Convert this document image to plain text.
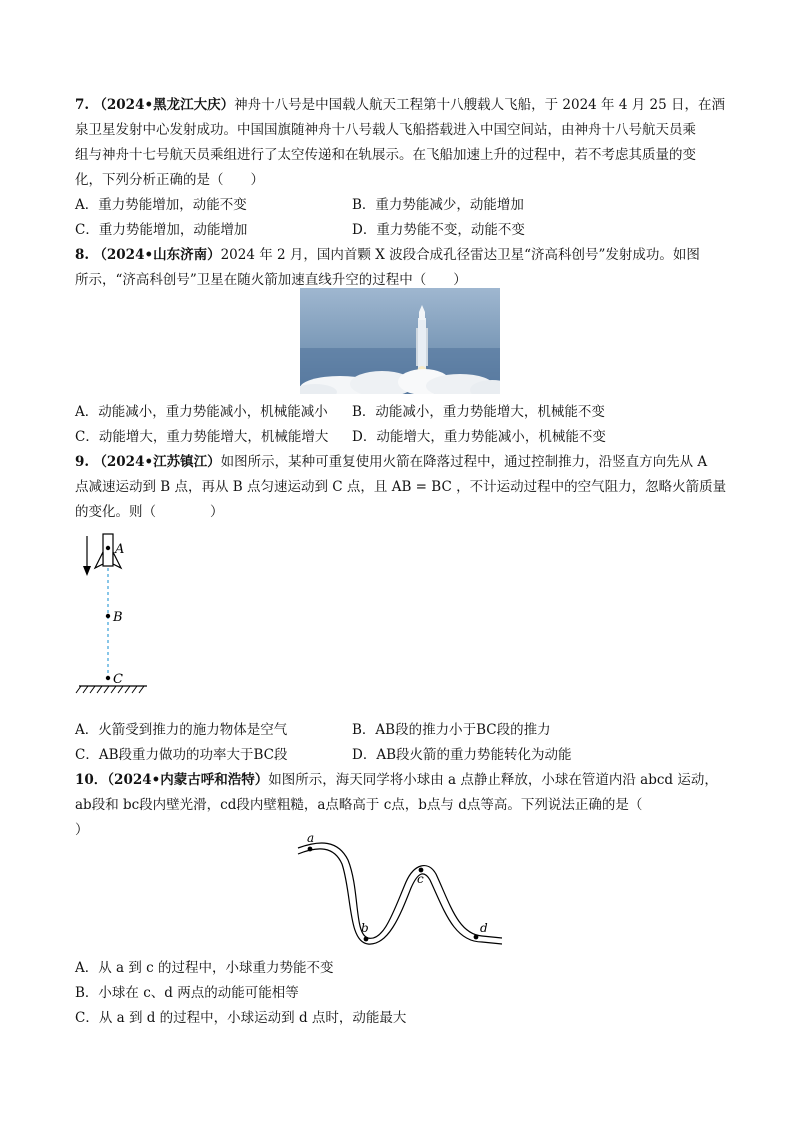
7. （2024•黑龙江大庆）神舟十八号是中国载人航天工程第十八艘载人飞船，于 2024 年 4 月 25 日，在酒
泉卫星发射中心发射成功。中国国旗随神舟十八号载人飞船搭载进入中国空间站，由神舟十八号航天员乘
组与神舟十七号航天员乘组进行了太空传递和在轨展示。在飞船加速上升的过程中，若不考虑其质量的变
化，下列分析正确的是（　　）
A．重力势能增加，动能不变	B．重力势能减少，动能增加
C．重力势能增加，动能增加	D．重力势能不变，动能不变
8. （2024•山东济南）2024 年 2 月，国内首颗 X 波段合成孔径雷达卫星“济高科创号”发射成功。如图
所示，“济高科创号”卫星在随火箭加速直线升空的过程中（　　）
A．动能减小，重力势能减小，机械能减小 B．动能减小，重力势能增大，机械能不变
C．动能增大，重力势能增大，机械能增大 D．动能增大，重力势能减小，机械能不变
9. （2024•江苏镇江）如图所示，某种可重复使用火箭在降落过程中，通过控制推力，沿竖直方向先从 A
点减速运动到 B 点，再从 B 点匀速运动到 C 点，且 AB = BC ，不计运动过程中的空气阻力，忽略火箭质量
的变化。则（　　　　）
A
B
C
A．火箭受到推力的施力物体是空气	B．AB段的推力小于BC段的推力
C．AB段重力做功的功率大于BC段	D．AB段火箭的重力势能转化为动能
10．（2024•内蒙古呼和浩特）如图所示，海天同学将小球由 a 点静止释放，小球在管道内沿 abcd 运动，
ab段和 bc段内壁光滑，cd段内壁粗糙，a点略高于 c点，b点与 d点等高。下列说法正确的是（
）	a
b
c
d
A．从 a 到 c 的过程中，小球重力势能不变
B．小球在 c、d 两点的动能可能相等
C．从 a 到 d 的过程中，小球运动到 d 点时，动能最大
